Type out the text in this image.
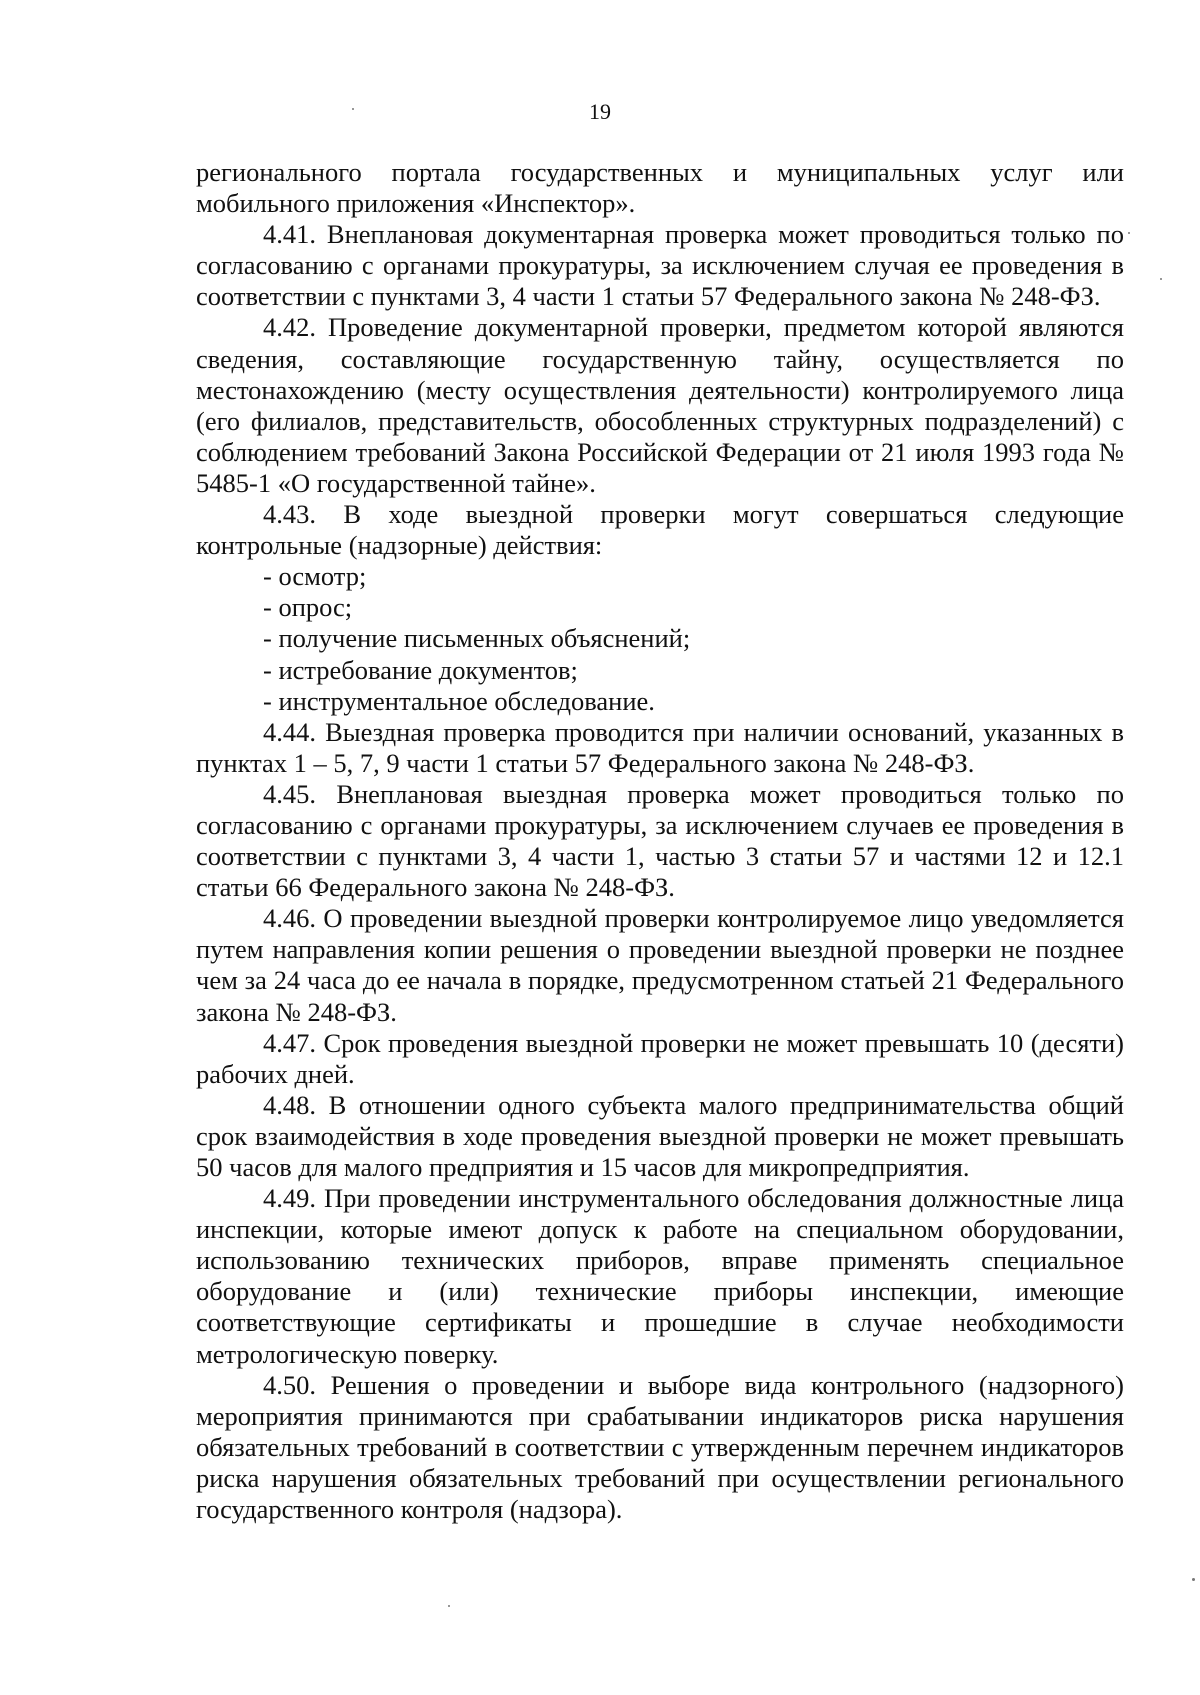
19

регионального портала государственных и муниципальных услуг или мобильного приложения «Инспектор».

4.41. Внеплановая документарная проверка может проводиться только по согласованию с органами прокуратуры, за исключением случая ее проведения в соответствии с пунктами 3, 4 части 1 статьи 57 Федерального закона № 248-ФЗ.

4.42. Проведение документарной проверки, предметом которой являются сведения, составляющие государственную тайну, осуществляется по местонахождению (месту осуществления деятельности) контролируемого лица (его филиалов, представительств, обособленных структурных подразделений) с соблюдением требований Закона Российской Федерации от 21 июля 1993 года № 5485-1 «О государственной тайне».

4.43. В ходе выездной проверки могут совершаться следующие контрольные (надзорные) действия:

- осмотр;

- опрос;

- получение письменных объяснений;

- истребование документов;

- инструментальное обследование.

4.44. Выездная проверка проводится при наличии оснований, указанных в пунктах 1 – 5, 7, 9 части 1 статьи 57 Федерального закона № 248-ФЗ.

4.45. Внеплановая выездная проверка может проводиться только по согласованию с органами прокуратуры, за исключением случаев ее проведения в соответствии с пунктами 3, 4 части 1, частью 3 статьи 57 и частями 12 и 12.1 статьи 66 Федерального закона № 248-ФЗ.

4.46. О проведении выездной проверки контролируемое лицо уведомляется путем направления копии решения о проведении выездной проверки не позднее чем за 24 часа до ее начала в порядке, предусмотренном статьей 21 Федерального закона № 248-ФЗ.

4.47. Срок проведения выездной проверки не может превышать 10 (десяти) рабочих дней.

4.48. В отношении одного субъекта малого предпринимательства общий срок взаимодействия в ходе проведения выездной проверки не может превышать 50 часов для малого предприятия и 15 часов для микропредприятия.

4.49. При проведении инструментального обследования должностные лица инспекции, которые имеют допуск к работе на специальном оборудовании, использованию технических приборов, вправе применять специальное оборудование и (или) технические приборы инспекции, имеющие соответствующие сертификаты и прошедшие в случае необходимости метрологическую поверку.

4.50. Решения о проведении и выборе вида контрольного (надзорного) мероприятия принимаются при срабатывании индикаторов риска нарушения обязательных требований в соответствии с утвержденным перечнем индикаторов риска нарушения обязательных требований при осуществлении регионального государственного контроля (надзора).
